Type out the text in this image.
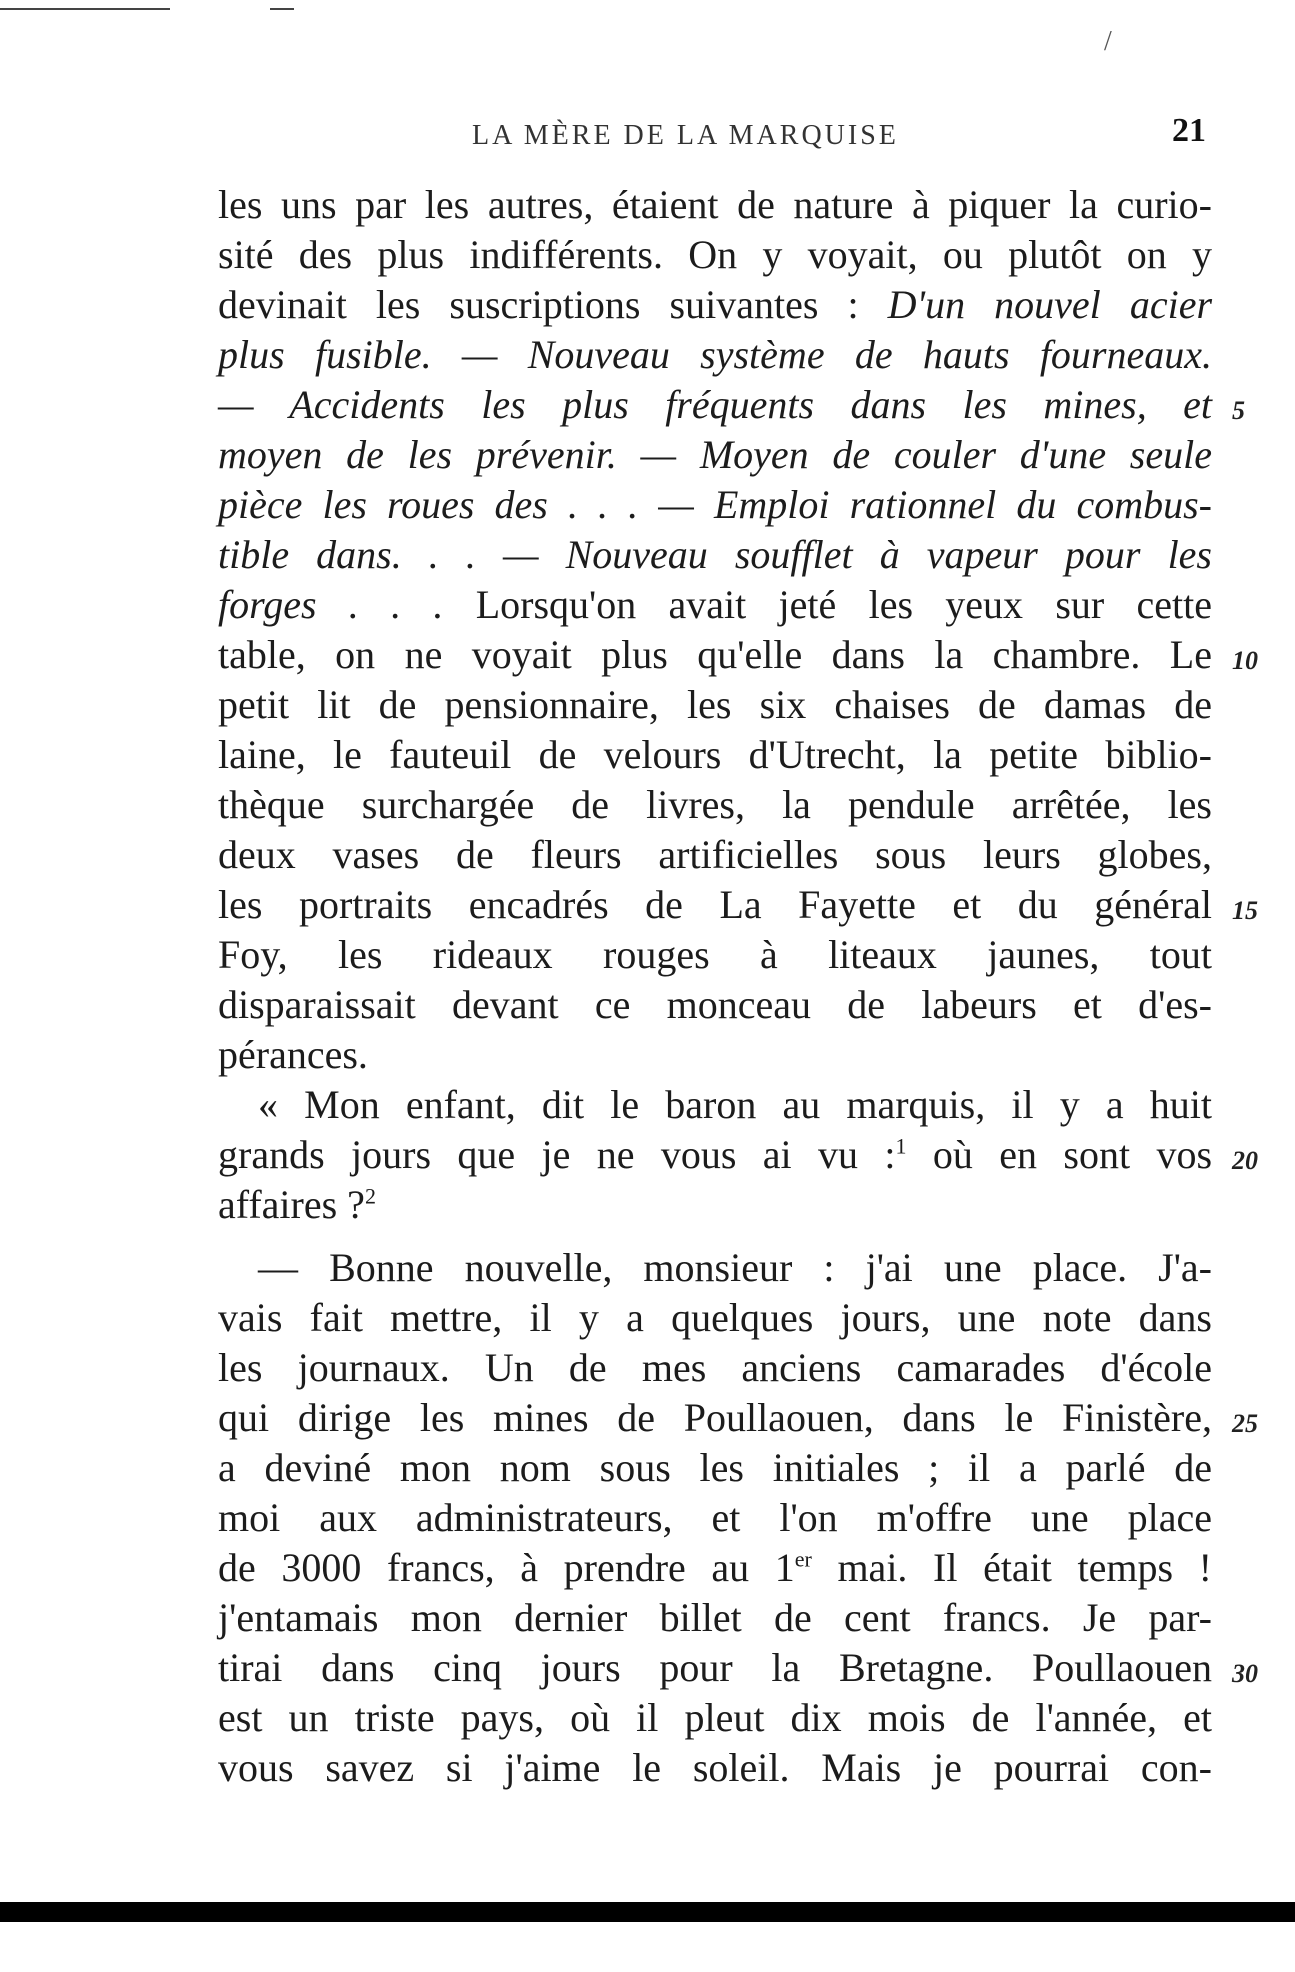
/
LA MÈRE DE LA MARQUISE	21
les uns par les autres, étaient de nature à piquer la curio-
sité des plus indifférents. On y voyait, ou plutôt on y
devinait les suscriptions suivantes : D'un nouvel acier
plus fusible. — Nouveau système de hauts fourneaux.
— Accidents les plus fréquents dans les mines, et
moyen de les prévenir. — Moyen de couler d'une seule
pièce les roues des . . . — Emploi rationnel du combus-
tible dans. . . — Nouveau soufflet à vapeur pour les
forges . . . Lorsqu'on avait jeté les yeux sur cette
table, on ne voyait plus qu'elle dans la chambre. Le
petit lit de pensionnaire, les six chaises de damas de
laine, le fauteuil de velours d'Utrecht, la petite biblio-
thèque surchargée de livres, la pendule arrêtée, les
deux vases de fleurs artificielles sous leurs globes,
les portraits encadrés de La Fayette et du général
Foy, les rideaux rouges à liteaux jaunes, tout
disparaissait devant ce monceau de labeurs et d'es-
pérances.
« Mon enfant, dit le baron au marquis, il y a huit
grands jours que je ne vous ai vu :$^1$ où en sont vos
affaires ?$^2$
— Bonne nouvelle, monsieur : j'ai une place. J'a-
vais fait mettre, il y a quelques jours, une note dans
les journaux. Un de mes anciens camarades d'école
qui dirige les mines de Poullaouen, dans le Finistère,
a deviné mon nom sous les initiales ; il a parlé de
moi aux administrateurs, et l'on m'offre une place
de 3000 francs, à prendre au 1er mai. Il était temps !
j'entamais mon dernier billet de cent francs. Je par-
tirai dans cinq jours pour la Bretagne. Poullaouen
est un triste pays, où il pleut dix mois de l'année, et
vous savez si j'aime le soleil. Mais je pourrai con-
5
10
15
20
25
30
